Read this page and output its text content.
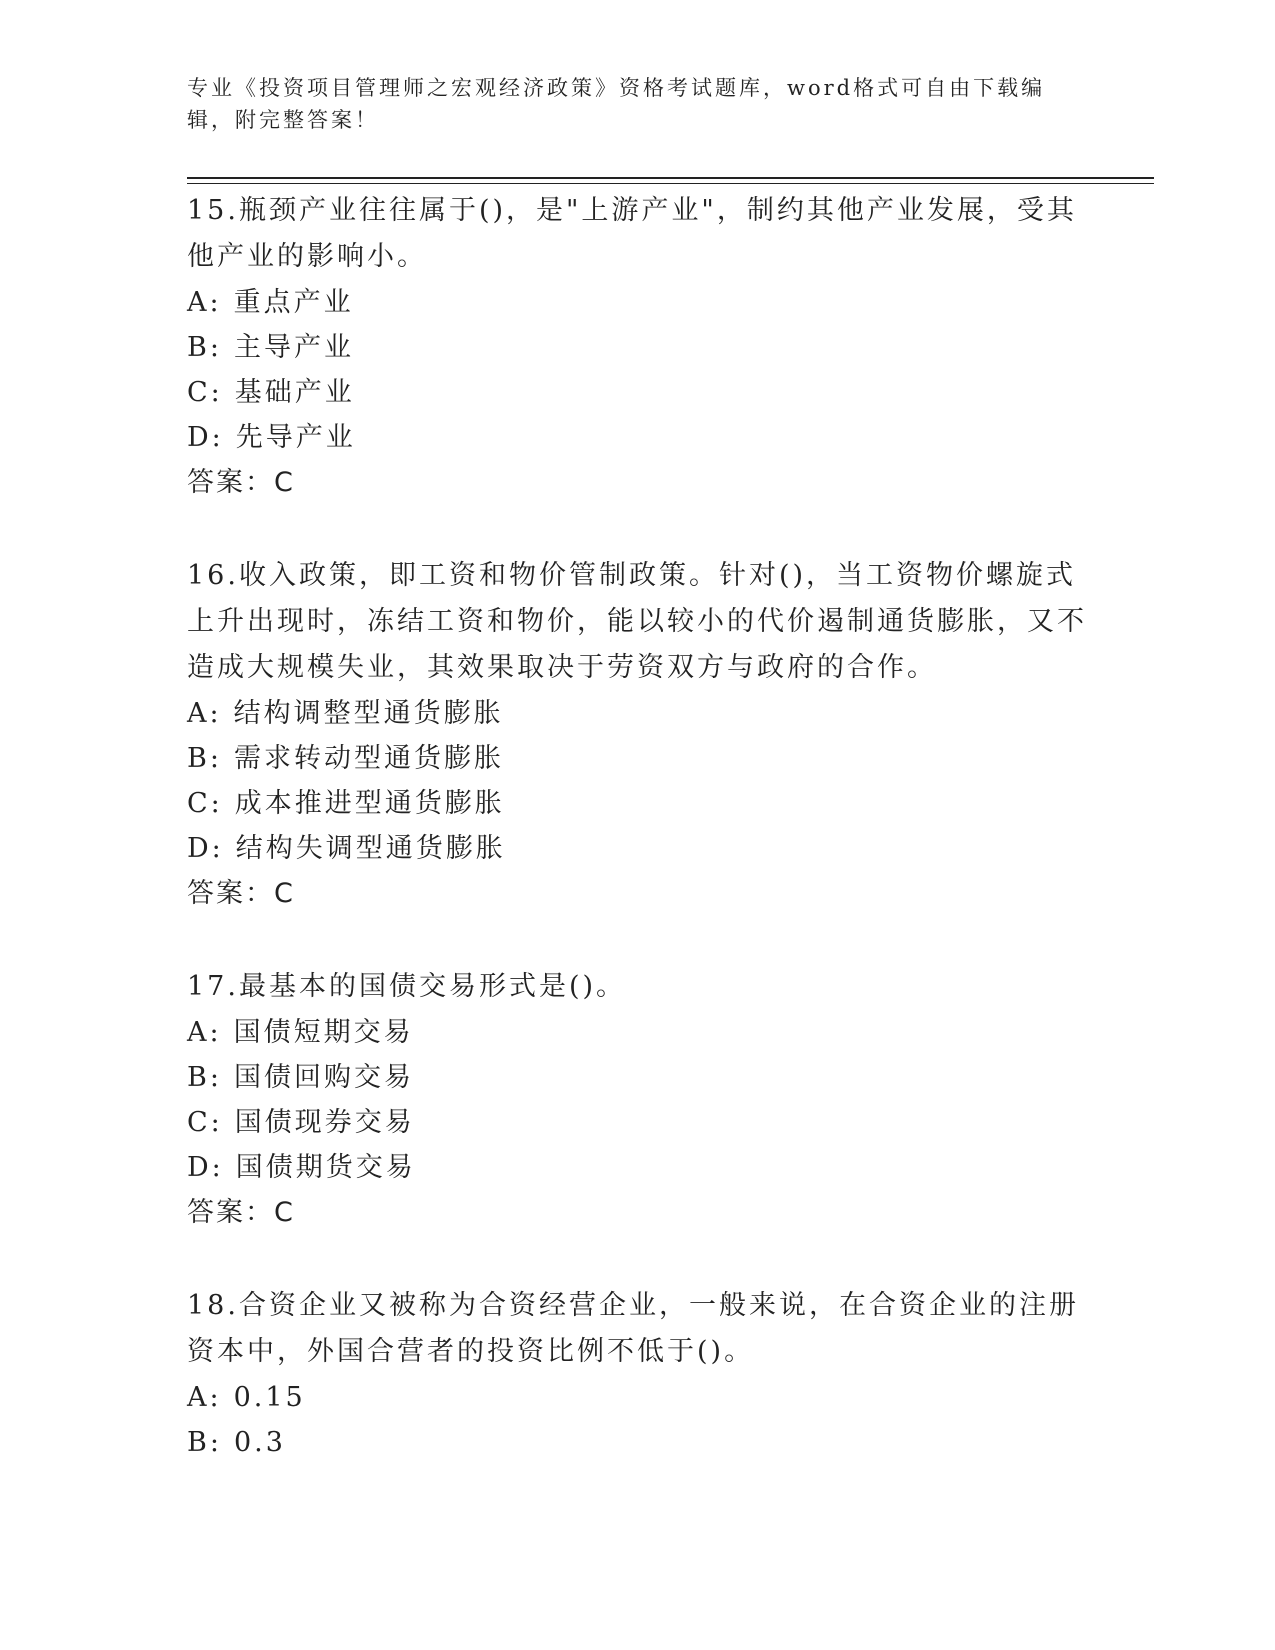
专业《投资项目管理师之宏观经济政策》资格考试题库，word格式可自由下载编辑，附完整答案！

15.瓶颈产业往往属于()，是"上游产业"，制约其他产业发展，受其他产业的影响小。

A: 重点产业

B: 主导产业

C: 基础产业

D: 先导产业

答案：C

16.收入政策，即工资和物价管制政策。针对()，当工资物价螺旋式上升出现时，冻结工资和物价，能以较小的代价遏制通货膨胀，又不造成大规模失业，其效果取决于劳资双方与政府的合作。

A: 结构调整型通货膨胀

B: 需求转动型通货膨胀

C: 成本推进型通货膨胀

D: 结构失调型通货膨胀

答案：C

17.最基本的国债交易形式是()。

A: 国债短期交易

B: 国债回购交易

C: 国债现券交易

D: 国债期货交易

答案：C

18.合资企业又被称为合资经营企业，一般来说，在合资企业的注册资本中，外国合营者的投资比例不低于()。

A: 0.15

B: 0.3
